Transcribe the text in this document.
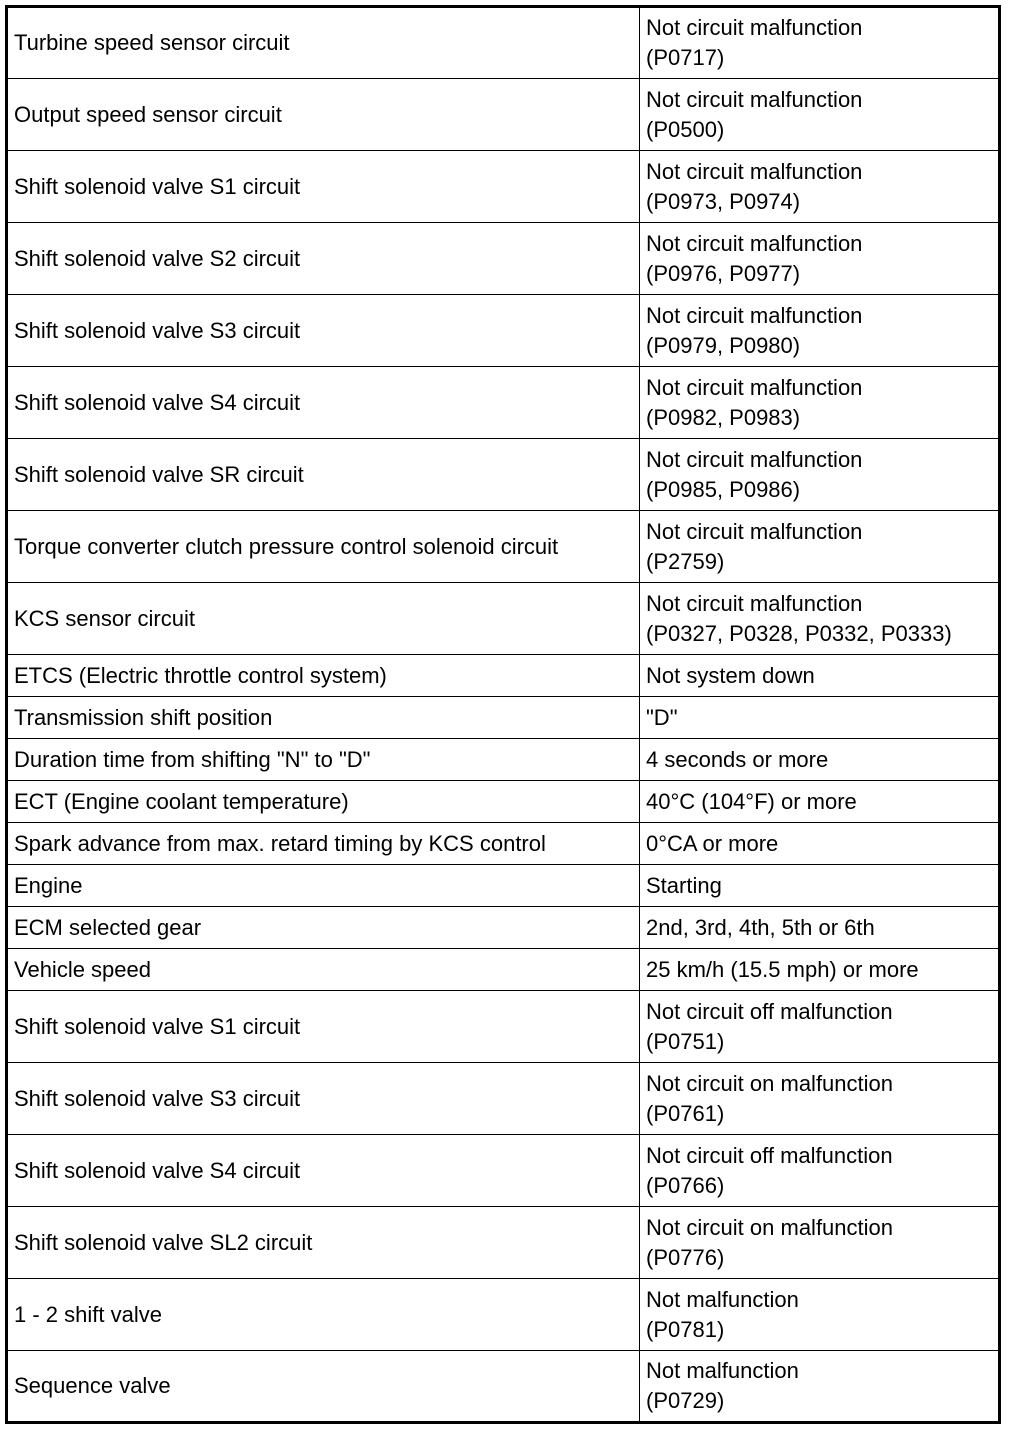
Turbine speed sensor circuit	Not circuit malfunction
(P0717)

Output speed sensor circuit	Not circuit malfunction
(P0500)

Shift solenoid valve S1 circuit	Not circuit malfunction
(P0973, P0974)

Shift solenoid valve S2 circuit	Not circuit malfunction
(P0976, P0977)

Shift solenoid valve S3 circuit	Not circuit malfunction
(P0979, P0980)

Shift solenoid valve S4 circuit	Not circuit malfunction
(P0982, P0983)

Shift solenoid valve SR circuit	Not circuit malfunction
(P0985, P0986)

Torque converter clutch pressure control solenoid circuit	Not circuit malfunction
(P2759)

KCS sensor circuit	Not circuit malfunction
(P0327, P0328, P0332, P0333)

ETCS (Electric throttle control system)	Not system down

Transmission shift position	"D"

Duration time from shifting "N" to "D"	4 seconds or more

ECT (Engine coolant temperature)	40°C (104°F) or more

Spark advance from max. retard timing by KCS control	0°CA or more

Engine	Starting

ECM selected gear	2nd, 3rd, 4th, 5th or 6th

Vehicle speed	25 km/h (15.5 mph) or more

Shift solenoid valve S1 circuit	Not circuit off malfunction
(P0751)

Shift solenoid valve S3 circuit	Not circuit on malfunction
(P0761)

Shift solenoid valve S4 circuit	Not circuit off malfunction
(P0766)

Shift solenoid valve SL2 circuit	Not circuit on malfunction
(P0776)

1 - 2 shift valve	Not malfunction
(P0781)

Sequence valve	Not malfunction
(P0729)
